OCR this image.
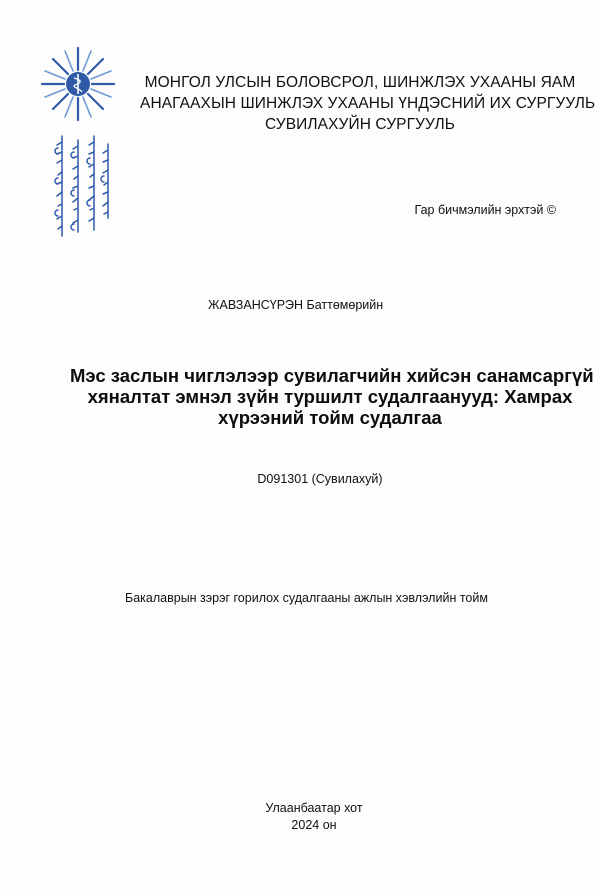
МОНГОЛ УЛСЫН БОЛОВСРОЛ, ШИНЖЛЭХ УХААНЫ ЯАМ
АНАГААХЫН ШИНЖЛЭХ УХААНЫ ҮНДЭСНИЙ ИХ СУРГУУЛЬ
СУВИЛАХУЙН СУРГУУЛЬ
Гар бичмэлийн эрхтэй ©
ЖАВЗАНСҮРЭН Баттөмөрийн
Мэс заслын чиглэлээр сувилагчийн хийсэн санамсаргүй
хяналтат эмнэл зүйн туршилт судалгаанууд: Хамрах
хүрээний тойм судалгаа
D091301 (Сувилахуй)
Бакалаврын зэрэг горилох судалгааны ажлын хэвлэлийн тойм
Улаанбаатар хот
2024 он
